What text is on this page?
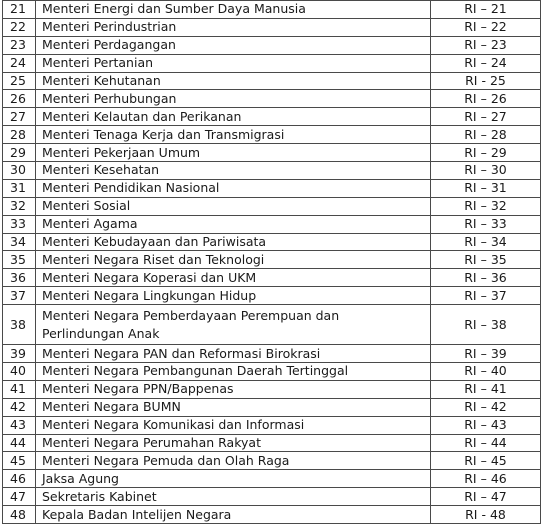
21	Menteri Energi dan Sumber Daya Manusia	RI – 21
22	Menteri Perindustrian	RI – 22
23	Menteri Perdagangan	RI – 23
24	Menteri Pertanian	RI – 24
25	Menteri Kehutanan	RI - 25
26	Menteri Perhubungan	RI – 26
27	Menteri Kelautan dan Perikanan	RI – 27
28	Menteri Tenaga Kerja dan Transmigrasi	RI – 28
29	Menteri Pekerjaan Umum	RI – 29
30	Menteri Kesehatan	RI – 30
31	Menteri Pendidikan Nasional	RI – 31
32	Menteri Sosial	RI – 32
33	Menteri Agama	RI – 33
34	Menteri Kebudayaan dan Pariwisata	RI – 34
35	Menteri Negara Riset dan Teknologi	RI – 35
36	Menteri Negara Koperasi dan UKM	RI – 36
37	Menteri Negara Lingkungan Hidup	RI – 37
38	Menteri Negara Pemberdayaan Perempuan dan Perlindungan Anak	RI – 38
39	Menteri Negara PAN dan Reformasi Birokrasi	RI – 39
40	Menteri Negara Pembangunan Daerah Tertinggal	RI – 40
41	Menteri Negara PPN/Bappenas	RI – 41
42	Menteri Negara BUMN	RI – 42
43	Menteri Negara Komunikasi dan Informasi	RI – 43
44	Menteri Negara Perumahan Rakyat	RI – 44
45	Menteri Negara Pemuda dan Olah Raga	RI – 45
46	Jaksa Agung	RI – 46
47	Sekretaris Kabinet	RI – 47
48	Kepala Badan Intelijen Negara	RI - 48
